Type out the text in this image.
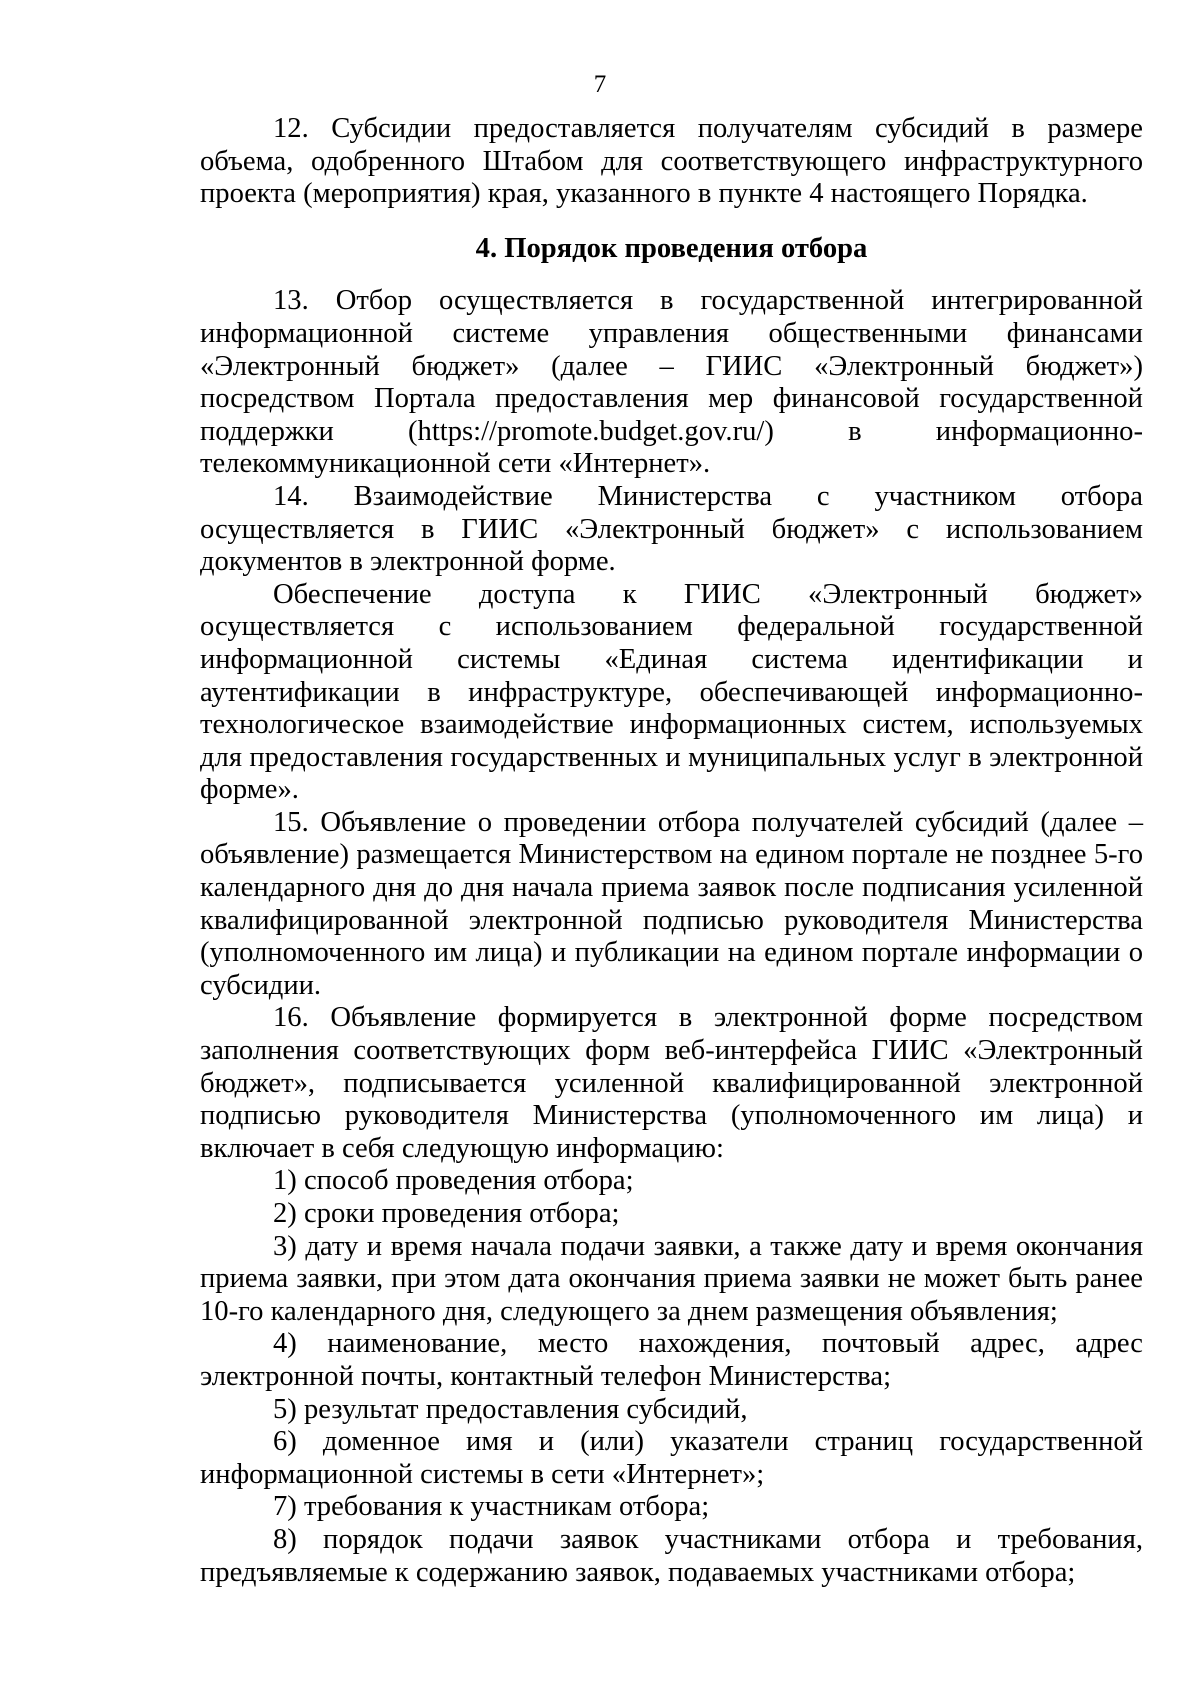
7

12. Субсидии предоставляется получателям субсидий в размере объема, одобренного Штабом для соответствующего инфраструктурного проекта (мероприятия) края, указанного в пункте 4 настоящего Порядка.

4. Порядок проведения отбора

13. Отбор осуществляется в государственной интегрированной информационной системе управления общественными финансами «Электронный бюджет» (далее – ГИИС «Электронный бюджет») посредством Портала предоставления мер финансовой государственной поддержки (https://promote.budget.gov.ru/) в информационно-телекоммуникационной сети «Интернет».

14. Взаимодействие Министерства с участником отбора осуществляется в ГИИС «Электронный бюджет» с использованием документов в электронной форме.

Обеспечение доступа к ГИИС «Электронный бюджет» осуществляется с использованием федеральной государственной информационной системы «Единая система идентификации и аутентификации в инфраструктуре, обеспечивающей информационно-технологическое взаимодействие информационных систем, используемых для предоставления государственных и муниципальных услуг в электронной форме».

15. Объявление о проведении отбора получателей субсидий (далее – объявление) размещается Министерством на едином портале не позднее 5-го календарного дня до дня начала приема заявок после подписания усиленной квалифицированной электронной подписью руководителя Министерства (уполномоченного им лица) и публикации на едином портале информации о субсидии.

16. Объявление формируется в электронной форме посредством заполнения соответствующих форм веб-интерфейса ГИИС «Электронный бюджет», подписывается усиленной квалифицированной электронной подписью руководителя Министерства (уполномоченного им лица) и включает в себя следующую информацию:

1) способ проведения отбора;

2) сроки проведения отбора;

3) дату и время начала подачи заявки, а также дату и время окончания приема заявки, при этом дата окончания приема заявки не может быть ранее 10-го календарного дня, следующего за днем размещения объявления;

4) наименование, место нахождения, почтовый адрес, адрес электронной почты, контактный телефон Министерства;

5) результат предоставления субсидий,

6) доменное имя и (или) указатели страниц государственной информационной системы в сети «Интернет»;

7) требования к участникам отбора;

8) порядок подачи заявок участниками отбора и требования, предъявляемые к содержанию заявок, подаваемых участниками отбора;
